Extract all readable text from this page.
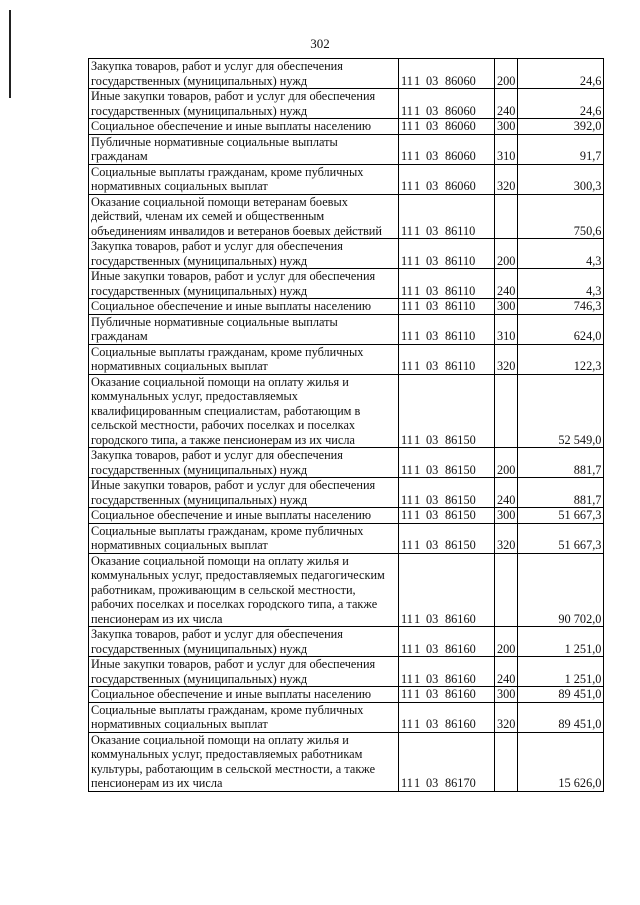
302
Закупка товаров, работ и услуг для обеспечения государственных (муниципальных) нужд	111 03 86060	200	24,6
Иные закупки товаров, работ и услуг для обеспечения государственных (муниципальных) нужд	111 03 86060	240	24,6
Социальное обеспечение и иные выплаты населению	111 03 86060	300	392,0
Публичные нормативные социальные выплаты гражданам	111 03 86060	310	91,7
Социальные выплаты гражданам, кроме публичных нормативных социальных выплат	111 03 86060	320	300,3
Оказание социальной помощи ветеранам боевых действий, членам их семей и общественным объединениям инвалидов и ветеранов боевых действий	111 03 86110		750,6
Закупка товаров, работ и услуг для обеспечения государственных (муниципальных) нужд	111 03 86110	200	4,3
Иные закупки товаров, работ и услуг для обеспечения государственных (муниципальных) нужд	111 03 86110	240	4,3
Социальное обеспечение и иные выплаты населению	111 03 86110	300	746,3
Публичные нормативные социальные выплаты гражданам	111 03 86110	310	624,0
Социальные выплаты гражданам, кроме публичных нормативных социальных выплат	111 03 86110	320	122,3
Оказание социальной помощи на оплату жилья и коммунальных услуг, предоставляемых квалифицированным специалистам, работающим в сельской местности, рабочих поселках и поселках городского типа, а также пенсионерам из их числа	111 03 86150		52 549,0
Закупка товаров, работ и услуг для обеспечения государственных (муниципальных) нужд	111 03 86150	200	881,7
Иные закупки товаров, работ и услуг для обеспечения государственных (муниципальных) нужд	111 03 86150	240	881,7
Социальное обеспечение и иные выплаты населению	111 03 86150	300	51 667,3
Социальные выплаты гражданам, кроме публичных нормативных социальных выплат	111 03 86150	320	51 667,3
Оказание социальной помощи на оплату жилья и коммунальных услуг, предоставляемых педагогическим работникам, проживающим в сельской местности, рабочих поселках и поселках городского типа, а также пенсионерам из их числа	111 03 86160		90 702,0
Закупка товаров, работ и услуг для обеспечения государственных (муниципальных) нужд	111 03 86160	200	1 251,0
Иные закупки товаров, работ и услуг для обеспечения государственных (муниципальных) нужд	111 03 86160	240	1 251,0
Социальное обеспечение и иные выплаты населению	111 03 86160	300	89 451,0
Социальные выплаты гражданам, кроме публичных нормативных социальных выплат	111 03 86160	320	89 451,0
Оказание социальной помощи на оплату жилья и коммунальных услуг, предоставляемых работникам культуры, работающим в сельской местности, а также пенсионерам из их числа	111 03 86170		15 626,0
